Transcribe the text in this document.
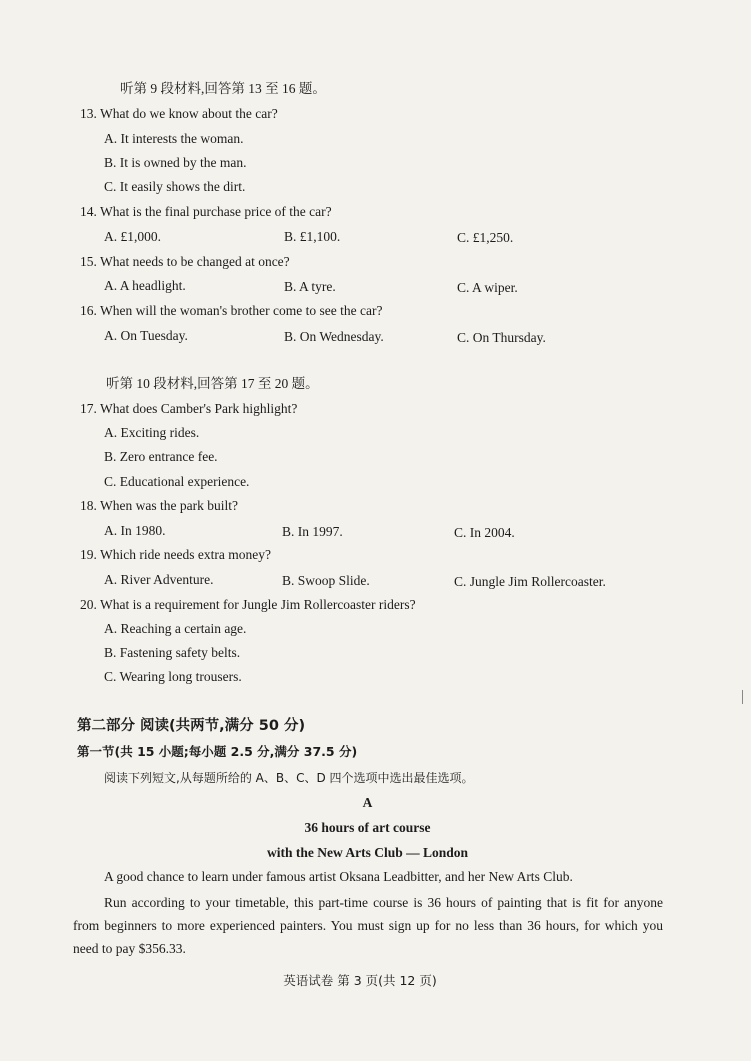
听第 9 段材料,回答第 13 至 16 题。
13. What do we know about the car?
A. It interests the woman.
B. It is owned by the man.
C. It easily shows the dirt.
14. What is the final purchase price of the car?
A. £1,000.	B. £1,100.	C. £1,250.
15. What needs to be changed at once?
A. A headlight.	B. A tyre.	C. A wiper.
16. When will the woman's brother come to see the car?
A. On Tuesday.	B. On Wednesday.	C. On Thursday.
听第 10 段材料,回答第 17 至 20 题。
17. What does Camber's Park highlight?
A. Exciting rides.
B. Zero entrance fee.
C. Educational experience.
18. When was the park built?
A. In 1980.	B. In 1997.	C. In 2004.
19. Which ride needs extra money?
A. River Adventure.	B. Swoop Slide.	C. Jungle Jim Rollercoaster.
20. What is a requirement for Jungle Jim Rollercoaster riders?
A. Reaching a certain age.
B. Fastening safety belts.
C. Wearing long trousers.
第二部分 阅读(共两节,满分 50 分)
第一节(共 15 小题;每小题 2.5 分,满分 37.5 分)
阅读下列短文,从每题所给的 A、B、C、D 四个选项中选出最佳选项。
A
36 hours of art course
with the New Arts Club — London
A good chance to learn under famous artist Oksana Leadbitter, and her New Arts Club.
Run according to your timetable, this part-time course is 36 hours of painting that is fit for anyone from beginners to more experienced painters. You must sign up for no less than 36 hours, for which you need to pay $356.33.
英语试卷 第 3 页(共 12 页)
